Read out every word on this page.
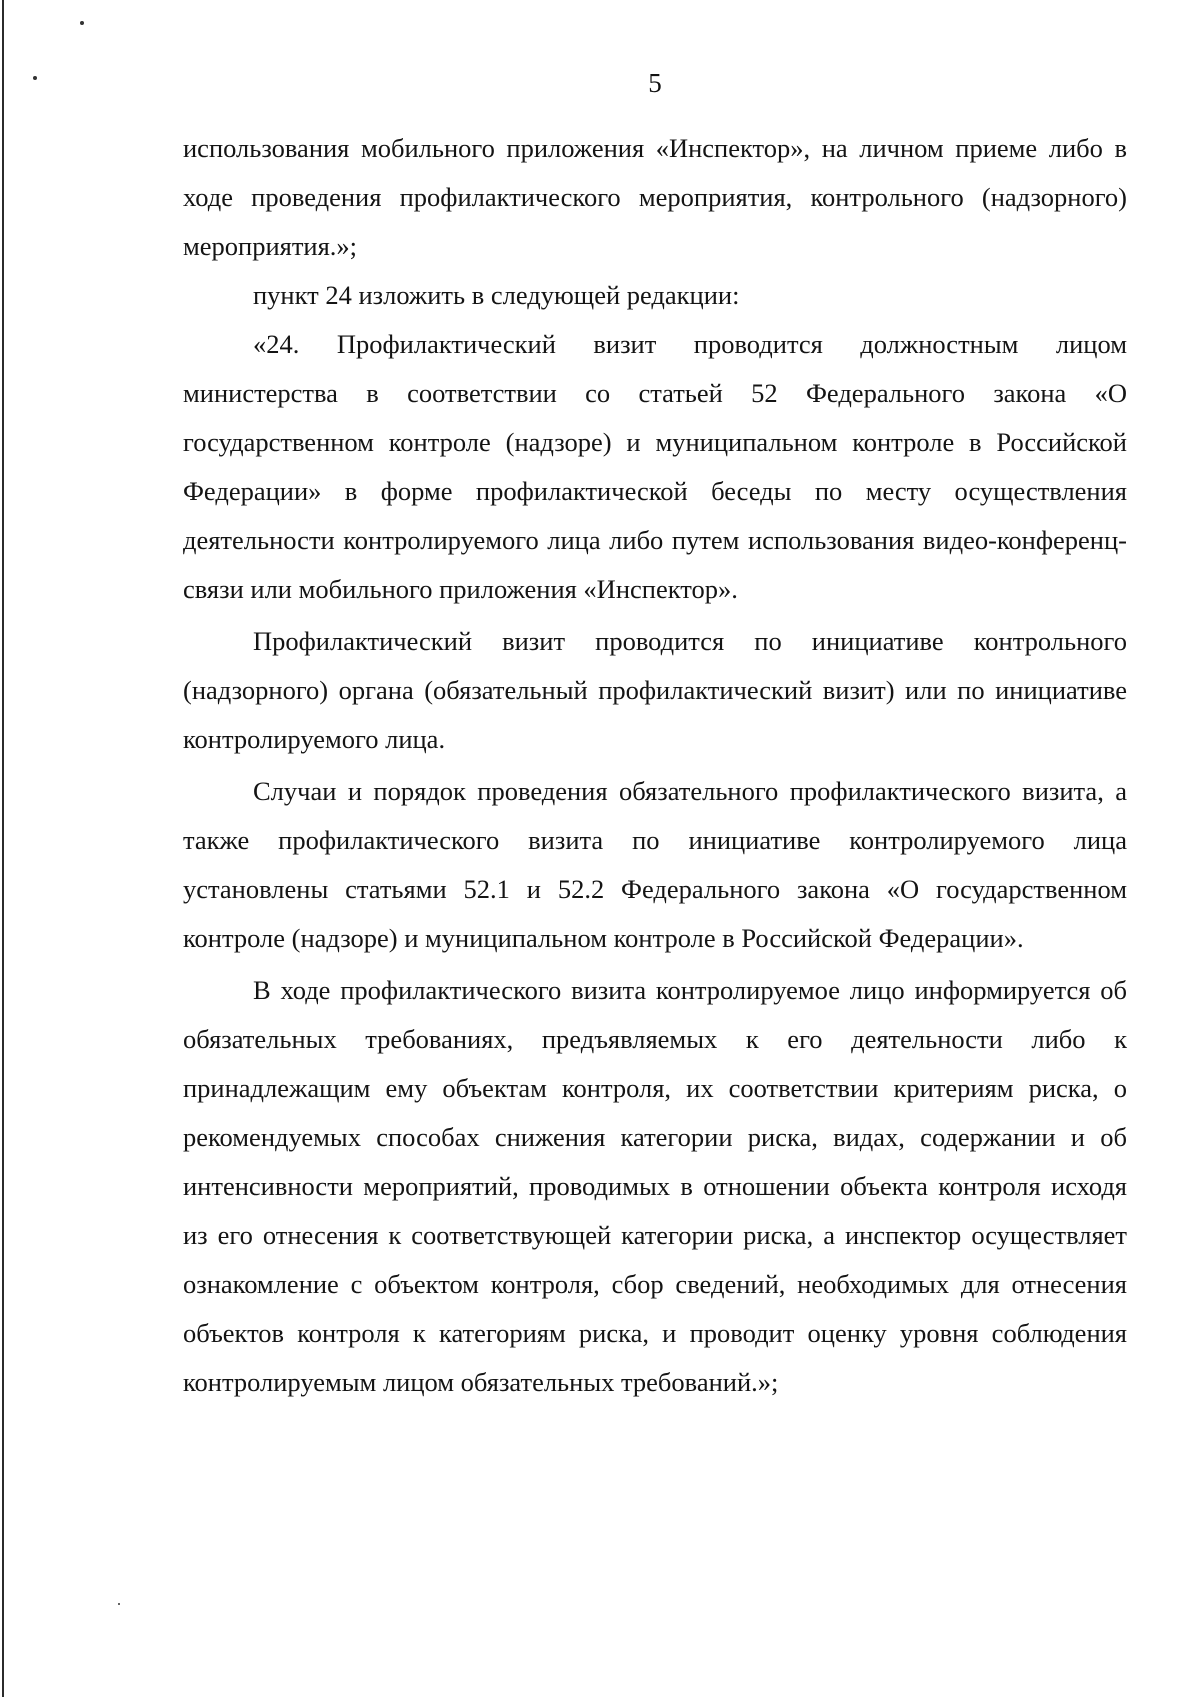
5

использования мобильного приложения «Инспектор», на личном приеме либо в ходе проведения профилактического мероприятия, контрольного (надзорного) мероприятия.»;

пункт 24 изложить в следующей редакции:

«24. Профилактический визит проводится должностным лицом министерства в соответствии со статьей 52 Федерального закона «О государственном контроле (надзоре) и муниципальном контроле в Российской Федерации» в форме профилактической беседы по месту осуществления деятельности контролируемого лица либо путем использования видео-конференц-связи или мобильного приложения «Инспектор».

Профилактический визит проводится по инициативе контрольного (надзорного) органа (обязательный профилактический визит) или по инициативе контролируемого лица.

Случаи и порядок проведения обязательного профилактического визита, а также профилактического визита по инициативе контролируемого лица установлены статьями 52.1 и 52.2 Федерального закона «О государственном контроле (надзоре) и муниципальном контроле в Российской Федерации».

В ходе профилактического визита контролируемое лицо информируется об обязательных требованиях, предъявляемых к его деятельности либо к принадлежащим ему объектам контроля, их соответствии критериям риска, о рекомендуемых способах снижения категории риска, видах, содержании и об интенсивности мероприятий, проводимых в отношении объекта контроля исходя из его отнесения к соответствующей категории риска, а инспектор осуществляет ознакомление с объектом контроля, сбор сведений, необходимых для отнесения объектов контроля к категориям риска, и проводит оценку уровня соблюдения контролируемым лицом обязательных требований.»;
